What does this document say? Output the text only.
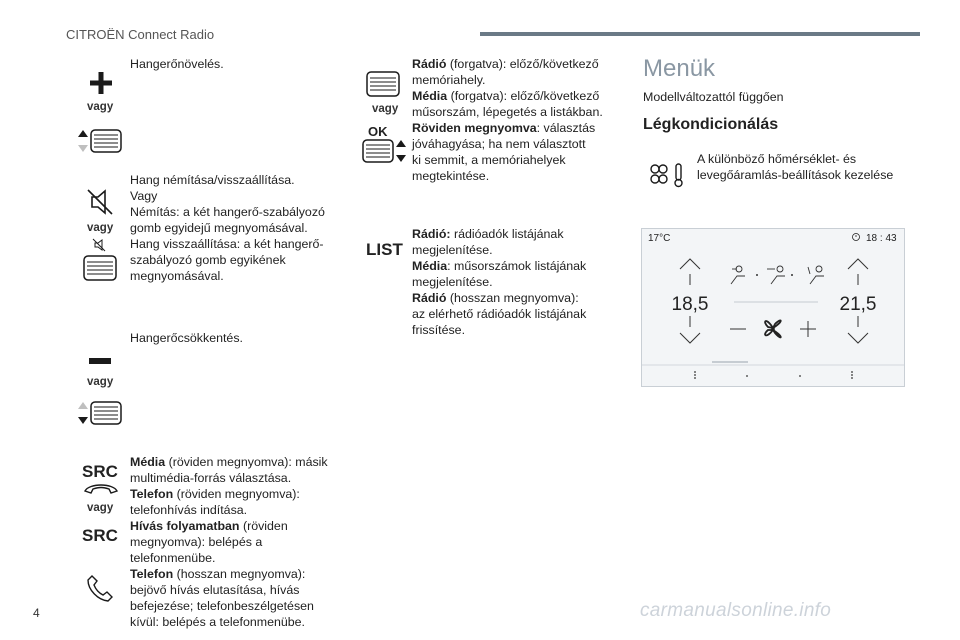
CITROËN Connect Radio
vagy
Hangerőnövelés.
vagy
Hang némítása/visszaállítása.
Vagy
Némítás: a két hangerő-szabályozó
gomb egyidejű megnyomásával.
Hang visszaállítása: a két hangerő-
szabályozó gomb egyikének
megnyomásával.
vagy
Hangerőcsökkentés.
SRC
vagy
SRC
Média (röviden megnyomva): másik
multimédia-forrás választása.
Telefon (röviden megnyomva):
telefonhívás indítása.
Hívás folyamatban (röviden
megnyomva): belépés a
telefonmenübe.
Telefon (hosszan megnyomva):
bejövő hívás elutasítása, hívás
befejezése; telefonbeszélgetésen
kívül: belépés a telefonmenübe.
vagy
OK
Rádió (forgatva): előző/következő
memóriahely.
Média (forgatva): előző/következő
műsorszám, lépegetés a listákban.
Röviden megnyomva: választás
jóváhagyása; ha nem választott
ki semmit, a memóriahelyek
megtekintése.
LIST
Rádió: rádióadók listájának
megjelenítése.
Média: műsorszámok listájának
megjelenítése.
Rádió (hosszan megnyomva):
az elérhető rádióadók listájának
frissítése.
Menük
Modellváltozattól függően
Légkondicionálás
A különböző hőmérséklet- és
levegőáramlás-beállítások kezelése
17°C	18 : 43
18,5	21,5
4	carmanualsonline.info
